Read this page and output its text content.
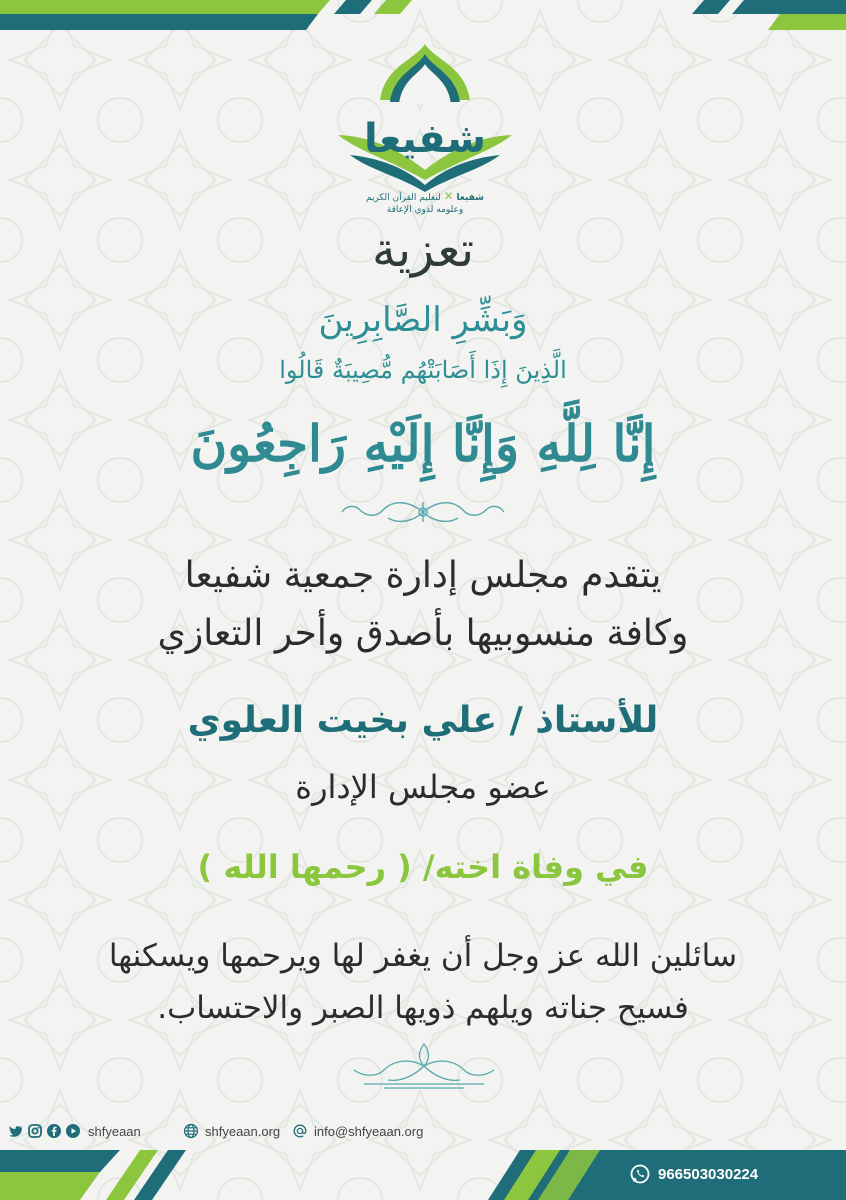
شفيعا
شفيعا ✕ لتعليم القرآن الكريم
وعلومه لذوي الإعاقة
تعزية
وَبَشِّرِ الصَّابِرِينَ
الَّذِينَ إِذَا أَصَابَتْهُم مُّصِيبَةٌ قَالُوا
إِنَّا لِلَّهِ وَإِنَّا إِلَيْهِ رَاجِعُونَ
يتقدم مجلس إدارة جمعية شفيعا
وكافة منسوبيها بأصدق وأحر التعازي
للأستاذ / علي بخيت العلوي
عضو مجلس الإدارة
في وفاة اخته/ ( رحمها الله )
سائلين الله عز وجل أن يغفر لها ويرحمها ويسكنها
فسيح جناته ويلهم ذويها الصبر والاحتساب.
shfyeaan	shfyeaan.org	info@shfyeaan.org
966503030224
